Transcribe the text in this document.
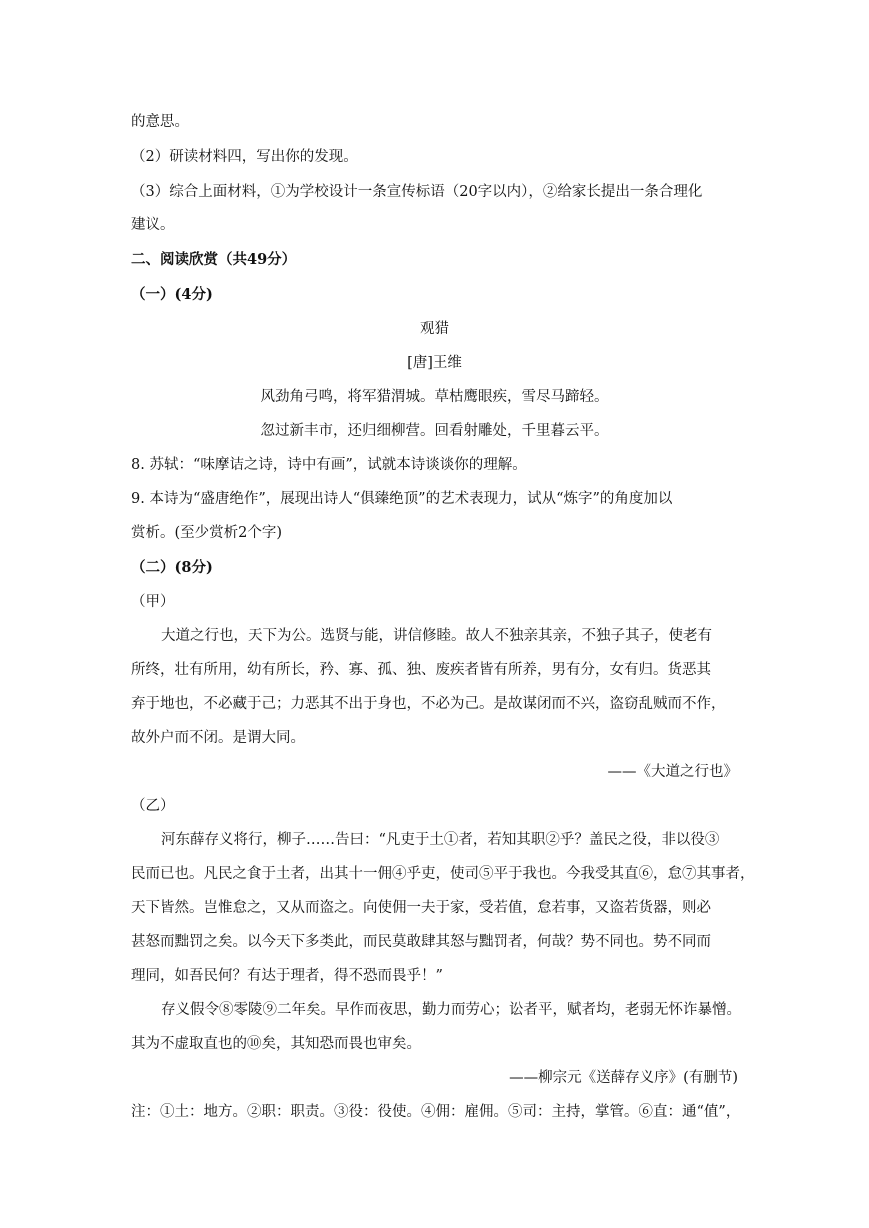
的意思。
（2）研读材料四，写出你的发现。
（3）综合上面材料，①为学校设计一条宣传标语（20字以内），②给家长提出一条合理化
建议。
二、阅读欣赏（共49分）
（一）(4分)
观猎
[唐]王维
风劲角弓鸣，将军猎渭城。草枯鹰眼疾，雪尽马蹄轻。
忽过新丰市，还归细柳营。回看射雕处，千里暮云平。
8. 苏轼：“味摩诘之诗，诗中有画”，试就本诗谈谈你的理解。
9. 本诗为“盛唐绝作”，展现出诗人“俱臻绝顶”的艺术表现力，试从“炼字”的角度加以
赏析。(至少赏析2个字)
（二）(8分)
（甲）
大道之行也，天下为公。选贤与能，讲信修睦。故人不独亲其亲，不独子其子，使老有
所终，壮有所用，幼有所长，矜、寡、孤、独、废疾者皆有所养，男有分，女有归。货恶其
弃于地也，不必藏于己；力恶其不出于身也，不必为己。是故谋闭而不兴，盗窃乱贼而不作，
故外户而不闭。是谓大同。
——《大道之行也》
（乙）
河东薛存义将行，柳子……告曰：“凡吏于土①者，若知其职②乎？盖民之役，非以役③
民而已也。凡民之食于土者，出其十一佣④乎吏，使司⑤平于我也。今我受其直⑥，怠⑦其事者，
天下皆然。岂惟怠之，又从而盗之。向使佣一夫于家，受若值，怠若事，又盗若货器，则必
甚怒而黜罚之矣。以今天下多类此，而民莫敢肆其怒与黜罚者，何哉？势不同也。势不同而
理同，如吾民何？有达于理者，得不恐而畏乎！”
存义假令⑧零陵⑨二年矣。早作而夜思，勤力而劳心；讼者平，赋者均，老弱无怀诈暴憎。
其为不虚取直也的⑩矣，其知恐而畏也审矣。
——柳宗元《送薛存义序》(有删节)
注：①土：地方。②职：职责。③役：役使。④佣：雇佣。⑤司：主持，掌管。⑥直：通“值”，
